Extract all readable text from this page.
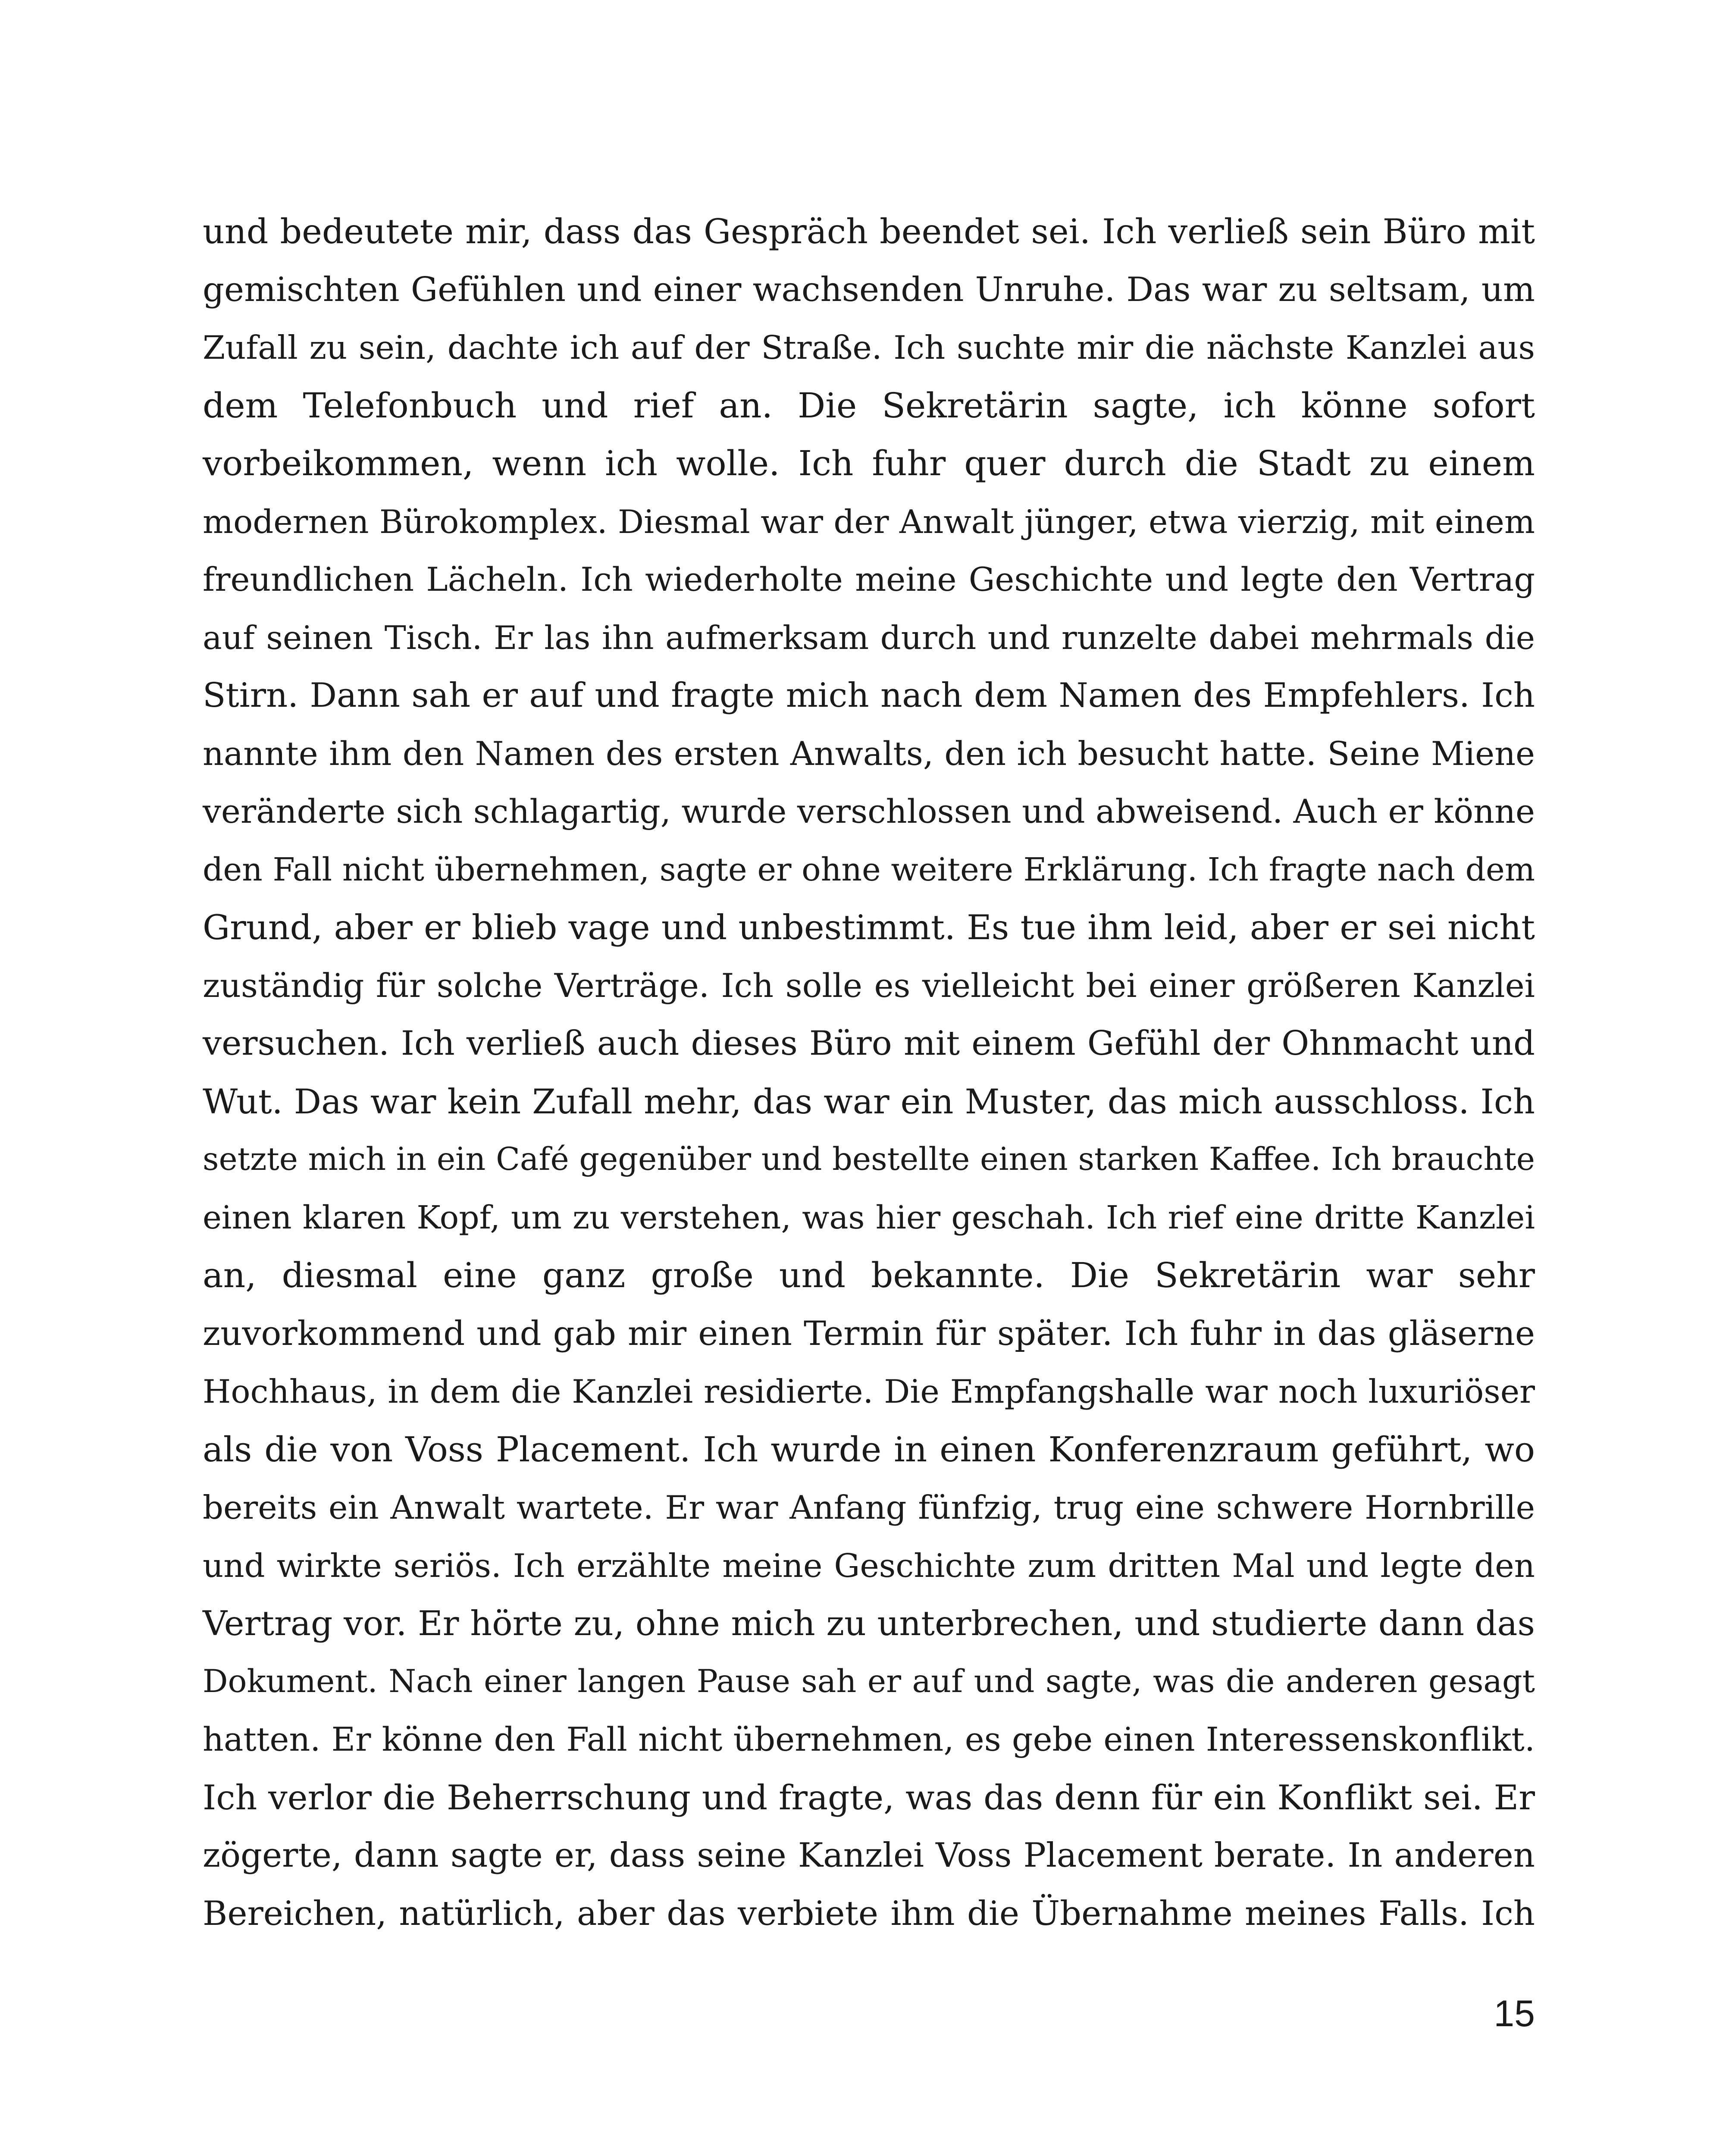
und bedeutete mir, dass das Gespräch beendet sei. Ich verließ sein Büro mit
gemischten Gefühlen und einer wachsenden Unruhe. Das war zu seltsam, um
Zufall zu sein, dachte ich auf der Straße. Ich suchte mir die nächste Kanzlei aus
dem Telefonbuch und rief an. Die Sekretärin sagte, ich könne sofort
vorbeikommen, wenn ich wolle. Ich fuhr quer durch die Stadt zu einem
modernen Bürokomplex. Diesmal war der Anwalt jünger, etwa vierzig, mit einem
freundlichen Lächeln. Ich wiederholte meine Geschichte und legte den Vertrag
auf seinen Tisch. Er las ihn aufmerksam durch und runzelte dabei mehrmals die
Stirn. Dann sah er auf und fragte mich nach dem Namen des Empfehlers. Ich
nannte ihm den Namen des ersten Anwalts, den ich besucht hatte. Seine Miene
veränderte sich schlagartig, wurde verschlossen und abweisend. Auch er könne
den Fall nicht übernehmen, sagte er ohne weitere Erklärung. Ich fragte nach dem
Grund, aber er blieb vage und unbestimmt. Es tue ihm leid, aber er sei nicht
zuständig für solche Verträge. Ich solle es vielleicht bei einer größeren Kanzlei
versuchen. Ich verließ auch dieses Büro mit einem Gefühl der Ohnmacht und
Wut. Das war kein Zufall mehr, das war ein Muster, das mich ausschloss. Ich
setzte mich in ein Café gegenüber und bestellte einen starken Kaffee. Ich brauchte
einen klaren Kopf, um zu verstehen, was hier geschah. Ich rief eine dritte Kanzlei
an, diesmal eine ganz große und bekannte. Die Sekretärin war sehr
zuvorkommend und gab mir einen Termin für später. Ich fuhr in das gläserne
Hochhaus, in dem die Kanzlei residierte. Die Empfangshalle war noch luxuriöser
als die von Voss Placement. Ich wurde in einen Konferenzraum geführt, wo
bereits ein Anwalt wartete. Er war Anfang fünfzig, trug eine schwere Hornbrille
und wirkte seriös. Ich erzählte meine Geschichte zum dritten Mal und legte den
Vertrag vor. Er hörte zu, ohne mich zu unterbrechen, und studierte dann das
Dokument. Nach einer langen Pause sah er auf und sagte, was die anderen gesagt
hatten. Er könne den Fall nicht übernehmen, es gebe einen Interessenskonflikt.
Ich verlor die Beherrschung und fragte, was das denn für ein Konflikt sei. Er
zögerte, dann sagte er, dass seine Kanzlei Voss Placement berate. In anderen
Bereichen, natürlich, aber das verbiete ihm die Übernahme meines Falls. Ich
15
